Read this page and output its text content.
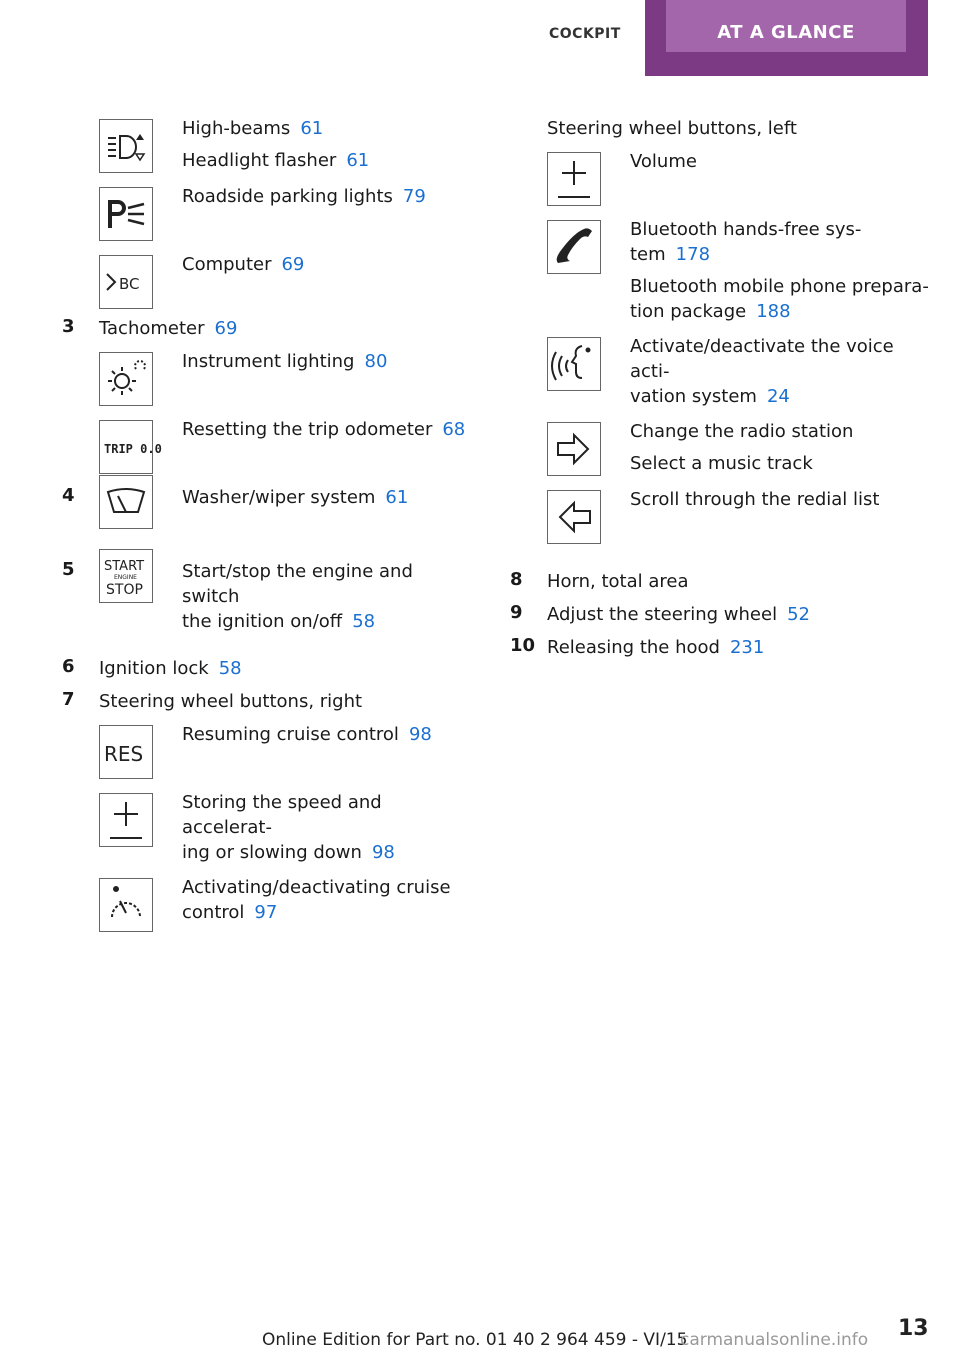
COCKPIT	AT A GLANCE
High-beams 61
Headlight flasher 61
Roadside parking lights 79
BC
Computer 69
3 Tachometer 69
Instrument lighting 80
TRIP 0.0
Resetting the trip odometer 68
4	Washer/wiper system 61
5 START
ENGINE
STOP
Start/stop the engine and switch
the ignition on/off 58
6 Ignition lock 58
7 Steering wheel buttons, right
RES
Resuming cruise control 98
Storing the speed and accelerat-
ing or slowing down 98
Activating/deactivating cruise
control 97
Steering wheel buttons, left
Volume
Bluetooth hands-free sys-
tem 178
Bluetooth mobile phone prepara-
tion package 188
Activate/deactivate the voice acti-
vation system 24
Change the radio station
Select a music track
Scroll through the redial list
8 Horn, total area
9 Adjust the steering wheel 52
10 Releasing the hood 231
Online Edition for Part no. 01 40 2 964 459 - VI/15	13
carmanualsonline.info
